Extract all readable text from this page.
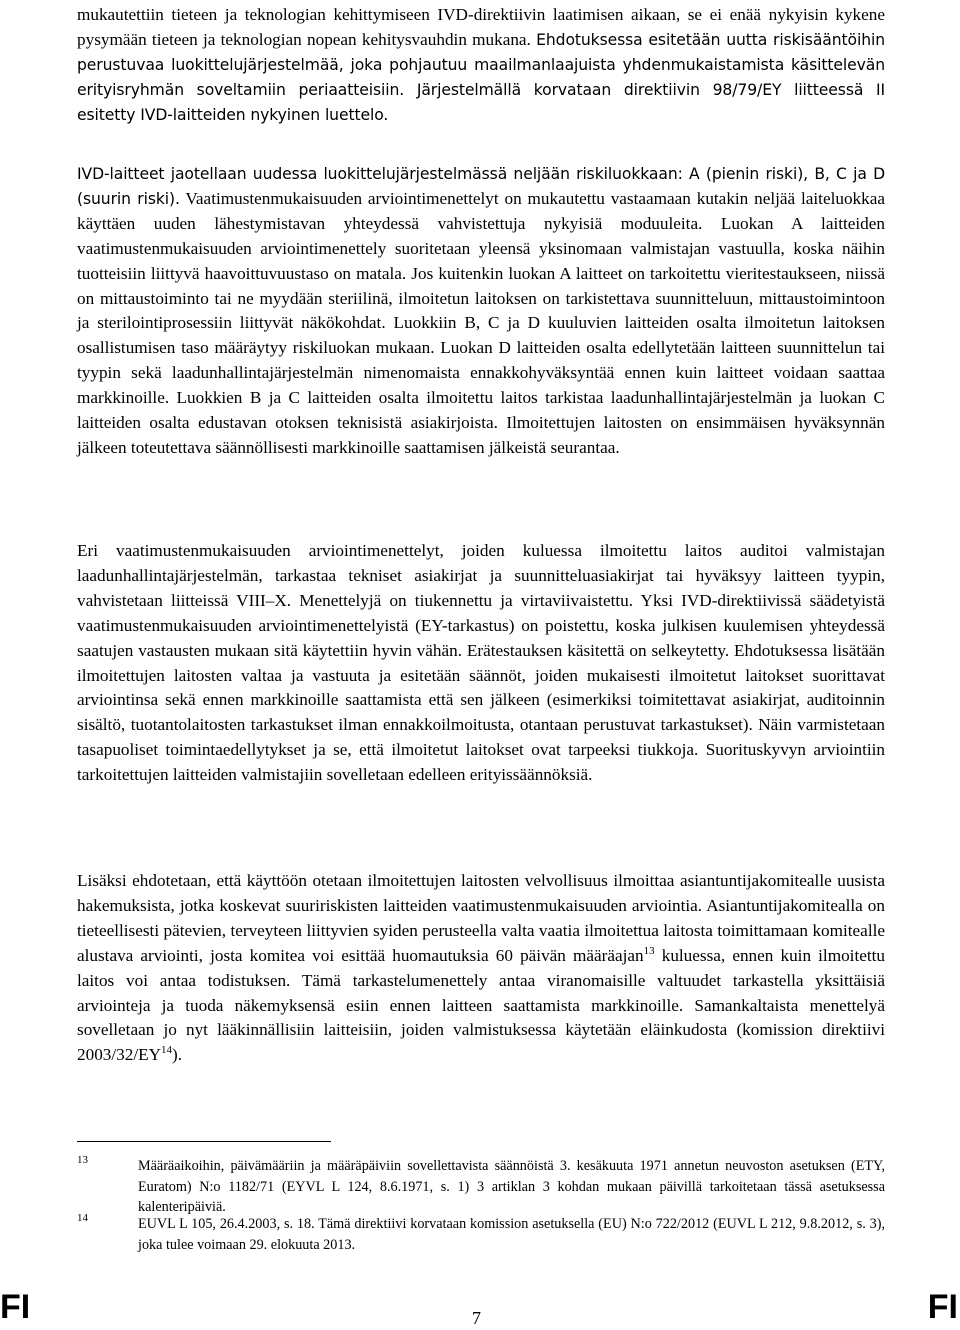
mukautettiin tieteen ja teknologian kehittymiseen IVD-direktiivin laatimisen aikaan, se ei enää nykyisin kykene pysymään tieteen ja teknologian nopean kehitysvauhdin mukana. Ehdotuksessa esitetään uutta riskisääntöihin perustuvaa luokittelujärjestelmää, joka pohjautuu maailmanlaajuista yhdenmukaistamista käsittelevän erityisryhmän soveltamiin periaatteisiin. Järjestelmällä korvataan direktiivin 98/79/EY liitteessä II esitetty IVD-laitteiden nykyinen luettelo.

IVD-laitteet jaotellaan uudessa luokittelujärjestelmässä neljään riskiluokkaan: A (pienin riski), B, C ja D (suurin riski). Vaatimustenmukaisuuden arviointimenettelyt on mukautettu vastaamaan kutakin neljää laiteluokkaa käyttäen uuden lähestymistavan yhteydessä vahvistettuja nykyisiä moduuleita. Luokan A laitteiden vaatimustenmukaisuuden arviointimenettely suoritetaan yleensä yksinomaan valmistajan vastuulla, koska näihin tuotteisiin liittyvä haavoittuvuustaso on matala. Jos kuitenkin luokan A laitteet on tarkoitettu vieritestaukseen, niissä on mittaustoiminto tai ne myydään steriilinä, ilmoitetun laitoksen on tarkistettava suunnitteluun, mittaustoimintoon ja sterilointiprosessiin liittyvät näkökohdat. Luokkiin B, C ja D kuuluvien laitteiden osalta ilmoitetun laitoksen osallistumisen taso määräytyy riskiluokan mukaan. Luokan D laitteiden osalta edellytetään laitteen suunnittelun tai tyypin sekä laadunhallintajärjestelmän nimenomaista ennakkohyväksyntää ennen kuin laitteet voidaan saattaa markkinoille. Luokkien B ja C laitteiden osalta ilmoitettu laitos tarkistaa laadunhallintajärjestelmän ja luokan C laitteiden osalta edustavan otoksen teknisistä asiakirjoista. Ilmoitettujen laitosten on ensimmäisen hyväksynnän jälkeen toteutettava säännöllisesti markkinoille saattamisen jälkeistä seurantaa.

Eri vaatimustenmukaisuuden arviointimenettelyt, joiden kuluessa ilmoitettu laitos auditoi valmistajan laadunhallintajärjestelmän, tarkastaa tekniset asiakirjat ja suunnitteluasiakirjat tai hyväksyy laitteen tyypin, vahvistetaan liitteissä VIII–X. Menettelyjä on tiukennettu ja virtaviivaistettu. Yksi IVD-direktiivissä säädetyistä vaatimustenmukaisuuden arviointimenettelyistä (EY-tarkastus) on poistettu, koska julkisen kuulemisen yhteydessä saatujen vastausten mukaan sitä käytettiin hyvin vähän. Erätestauksen käsitettä on selkeytetty. Ehdotuksessa lisätään ilmoitettujen laitosten valtaa ja vastuuta ja esitetään säännöt, joiden mukaisesti ilmoitetut laitokset suorittavat arviointinsa sekä ennen markkinoille saattamista että sen jälkeen (esimerkiksi toimitettavat asiakirjat, auditoinnin sisältö, tuotantolaitosten tarkastukset ilman ennakkoilmoitusta, otantaan perustuvat tarkastukset). Näin varmistetaan tasapuoliset toimintaedellytykset ja se, että ilmoitetut laitokset ovat tarpeeksi tiukkoja. Suorituskyvyn arviointiin tarkoitettujen laitteiden valmistajiin sovelletaan edelleen erityissäännöksiä.

Lisäksi ehdotetaan, että käyttöön otetaan ilmoitettujen laitosten velvollisuus ilmoittaa asiantuntijakomitealle uusista hakemuksista, jotka koskevat suuririskisten laitteiden vaatimustenmukaisuuden arviointia. Asiantuntijakomitealla on tieteellisesti pätevien, terveyteen liittyvien syiden perusteella valta vaatia ilmoitettua laitosta toimittamaan komitealle alustava arviointi, josta komitea voi esittää huomautuksia 60 päivän määräajan$^{13}$ kuluessa, ennen kuin ilmoitettu laitos voi antaa todistuksen. Tämä tarkastelumenettely antaa viranomaisille valtuudet tarkastella yksittäisiä arviointeja ja tuoda näkemyksensä esiin ennen laitteen saattamista markkinoille. Samankaltaista menettelyä sovelletaan jo nyt lääkinnällisiin laitteisiin, joiden valmistuksessa käytetään eläinkudosta (komission direktiivi 2003/32/EY$^{14}$).

13	Määräaikoihin, päivämääriin ja määräpäiviin sovellettavista säännöistä 3. kesäkuuta 1971 annetun neuvoston asetuksen (ETY, Euratom) N:o 1182/71 (EYVL L 124, 8.6.1971, s. 1) 3 artiklan 3 kohdan mukaan päivillä tarkoitetaan tässä asetuksessa kalenteripäiviä.

14	EUVL L 105, 26.4.2003, s. 18. Tämä direktiivi korvataan komission asetuksella (EU) N:o 722/2012 (EUVL L 212, 9.8.2012, s. 3), joka tulee voimaan 29. elokuuta 2013.

FI	7	FI
